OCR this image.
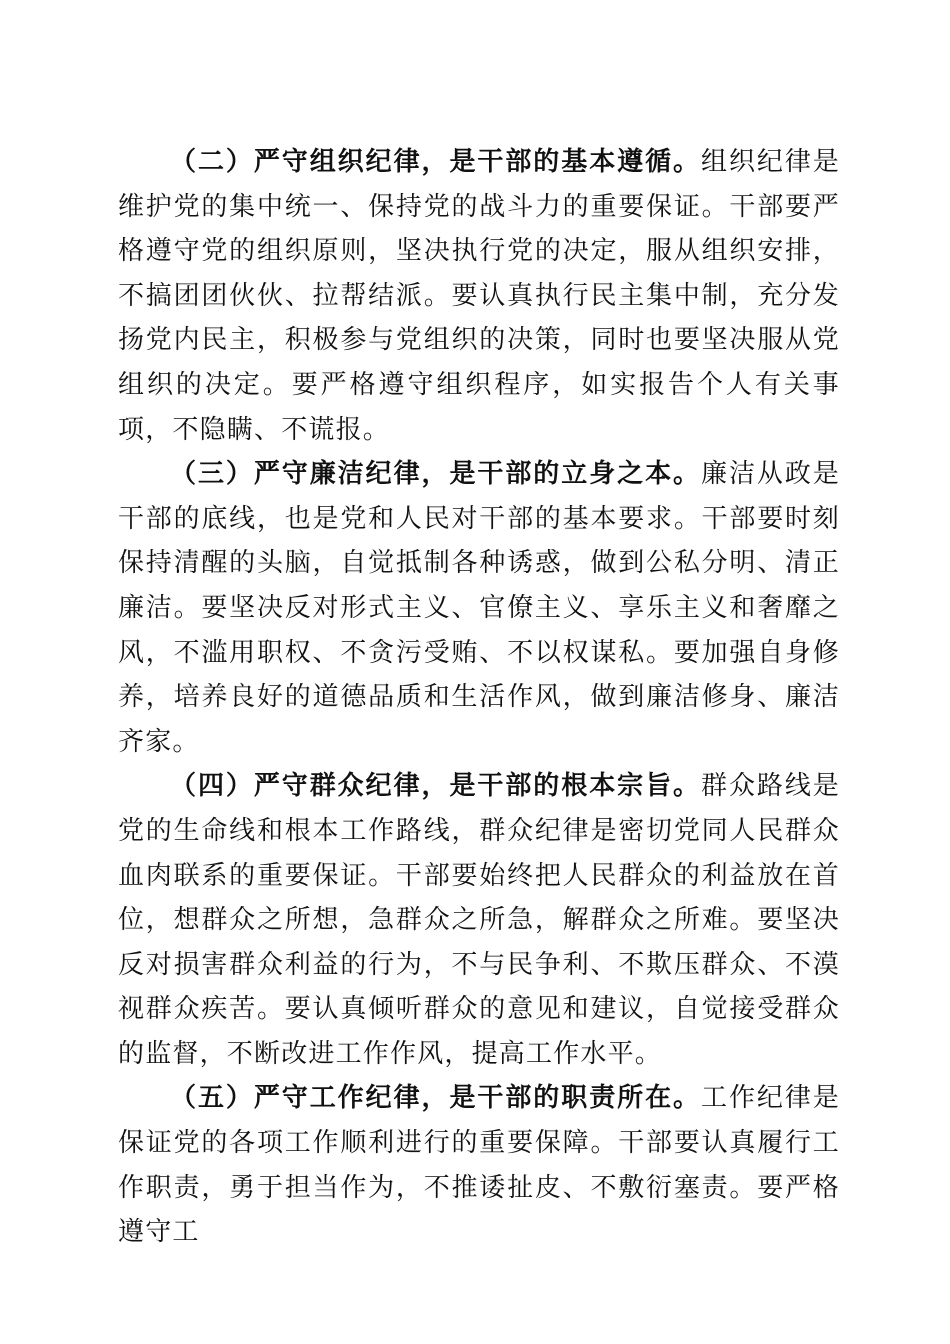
（二）严守组织纪律，是干部的基本遵循。组织纪律是维护党的集中统一、保持党的战斗力的重要保证。干部要严格遵守党的组织原则，坚决执行党的决定，服从组织安排，不搞团团伙伙、拉帮结派。要认真执行民主集中制，充分发扬党内民主，积极参与党组织的决策，同时也要坚决服从党组织的决定。要严格遵守组织程序，如实报告个人有关事项，不隐瞒、不谎报。

（三）严守廉洁纪律，是干部的立身之本。廉洁从政是干部的底线，也是党和人民对干部的基本要求。干部要时刻保持清醒的头脑，自觉抵制各种诱惑，做到公私分明、清正廉洁。要坚决反对形式主义、官僚主义、享乐主义和奢靡之风，不滥用职权、不贪污受贿、不以权谋私。要加强自身修养，培养良好的道德品质和生活作风，做到廉洁修身、廉洁齐家。

（四）严守群众纪律，是干部的根本宗旨。群众路线是党的生命线和根本工作路线，群众纪律是密切党同人民群众血肉联系的重要保证。干部要始终把人民群众的利益放在首位，想群众之所想，急群众之所急，解群众之所难。要坚决反对损害群众利益的行为，不与民争利、不欺压群众、不漠视群众疾苦。要认真倾听群众的意见和建议，自觉接受群众的监督，不断改进工作作风，提高工作水平。

（五）严守工作纪律，是干部的职责所在。工作纪律是保证党的各项工作顺利进行的重要保障。干部要认真履行工作职责，勇于担当作为，不推诿扯皮、不敷衍塞责。要严格遵守工
